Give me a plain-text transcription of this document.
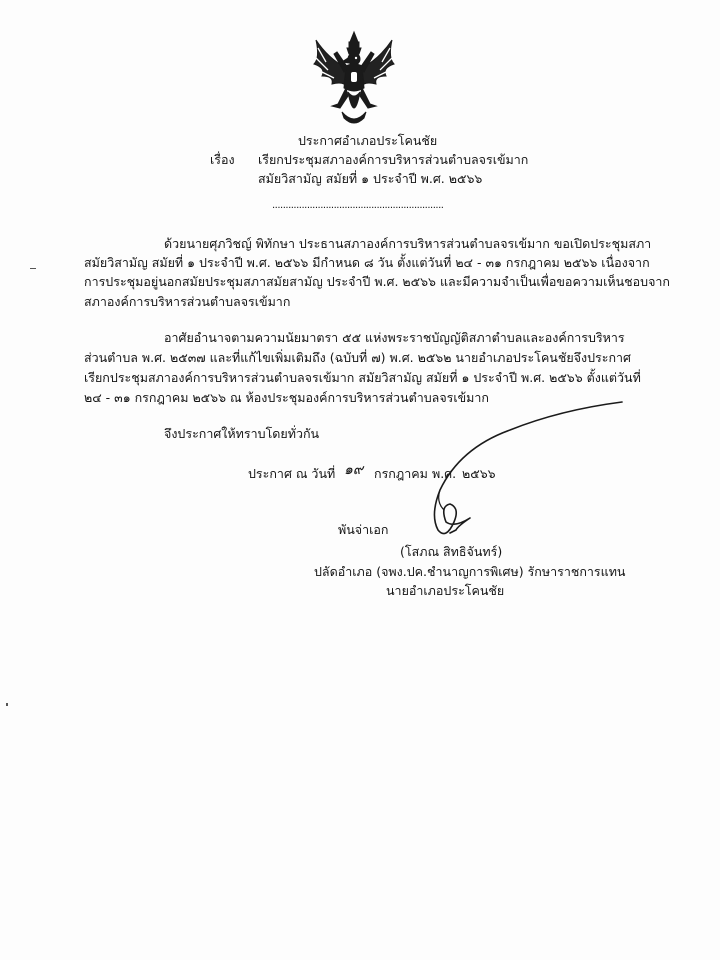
ประกาศอำเภอประโคนชัย
เรื่อง เรียกประชุมสภาองค์การบริหารส่วนตำบลจรเข้มาก
สมัยวิสามัญ สมัยที่ ๑ ประจำปี พ.ศ. ๒๕๖๖
................................................................
ด้วยนายศุภวิชญ์ พิทักษา ประธานสภาองค์การบริหารส่วนตำบลจรเข้มาก ขอเปิดประชุมสภา
สมัยวิสามัญ สมัยที่ ๑ ประจำปี พ.ศ. ๒๕๖๖ มีกำหนด ๘ วัน ตั้งแต่วันที่ ๒๔ - ๓๑ กรกฎาคม ๒๕๖๖ เนื่องจาก
การประชุมอยู่นอกสมัยประชุมสภาสมัยสามัญ ประจำปี พ.ศ. ๒๕๖๖ และมีความจำเป็นเพื่อขอความเห็นชอบจาก
สภาองค์การบริหารส่วนตำบลจรเข้มาก
อาศัยอำนาจตามความนัยมาตรา ๕๕ แห่งพระราชบัญญัติสภาตำบลและองค์การบริหาร
ส่วนตำบล พ.ศ. ๒๕๓๗ และที่แก้ไขเพิ่มเติมถึง (ฉบับที่ ๗) พ.ศ. ๒๕๖๒ นายอำเภอประโคนชัยจึงประกาศ
เรียกประชุมสภาองค์การบริหารส่วนตำบลจรเข้มาก สมัยวิสามัญ สมัยที่ ๑ ประจำปี พ.ศ. ๒๕๖๖ ตั้งแต่วันที่
๒๔ - ๓๑ กรกฎาคม ๒๕๖๖ ณ ห้องประชุมองค์การบริหารส่วนตำบลจรเข้มาก
จึงประกาศให้ทราบโดยทั่วกัน
ประกาศ ณ วันที่ ๑๙ กรกฎาคม พ.ศ. ๒๕๖๖
พันจ่าเอก
(โสภณ สิทธิจันทร์)
ปลัดอำเภอ (จพง.ปค.ชำนาญการพิเศษ) รักษาราชการแทน
นายอำเภอประโคนชัย
